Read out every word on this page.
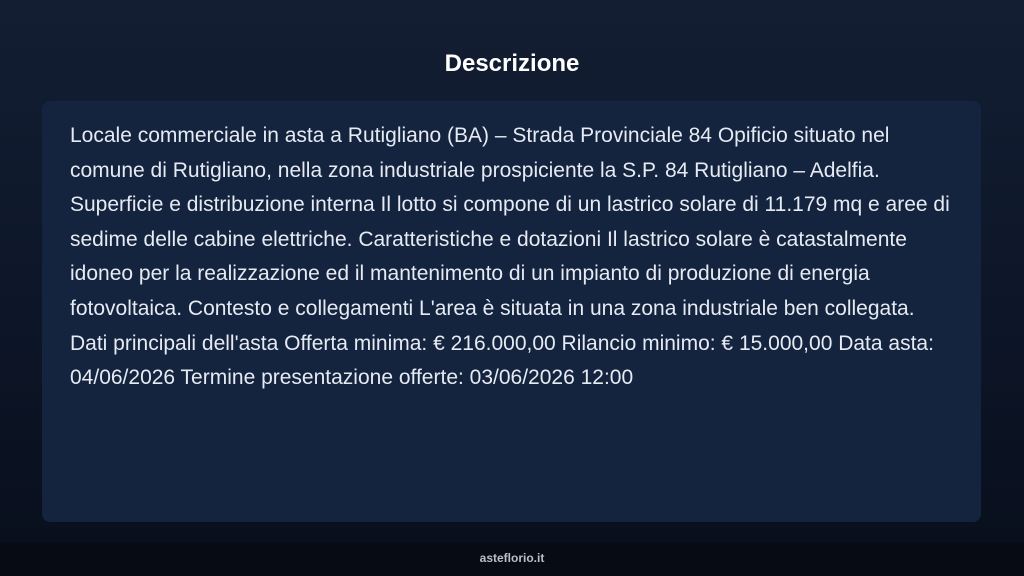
Descrizione

Locale commerciale in asta a Rutigliano (BA) – Strada Provinciale 84 Opificio situato nel comune di Rutigliano, nella zona industriale prospiciente la S.P. 84 Rutigliano – Adelfia. Superficie e distribuzione interna Il lotto si compone di un lastrico solare di 11.179 mq e aree di sedime delle cabine elettriche. Caratteristiche e dotazioni Il lastrico solare è catastalmente idoneo per la realizzazione ed il mantenimento di un impianto di produzione di energia fotovoltaica. Contesto e collegamenti L'area è situata in una zona industriale ben collegata. Dati principali dell'asta Offerta minima: € 216.000,00 Rilancio minimo: € 15.000,00 Data asta: 04/06/2026 Termine presentazione offerte: 03/06/2026 12:00

asteflorio.it
